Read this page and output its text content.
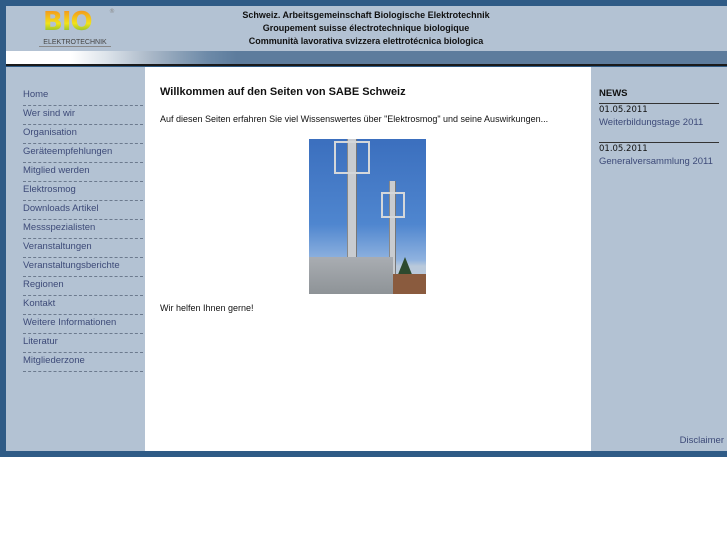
BIO	®
ELEKTROTECHNIK
Schweiz. Arbeitsgemeinschaft Biologische Elektrotechnik
Groupement suisse électrotechnique biologique
Communità lavorativa svizzera elettrotécnica biologica
Home
Wer sind wir
Organisation
Geräteempfehlungen
Mitglied werden
Elektrosmog
Downloads Artikel
Messspezialisten
Veranstaltungen
Veranstaltungsberichte
Regionen
Kontakt
Weitere Informationen
Literatur
Mitgliederzone
Willkommen auf den Seiten von SABE Schweiz

Auf diesen Seiten erfahren Sie viel Wissenswertes über "Elektrosmog" und seine Auswirkungen...

Wir helfen Ihnen gerne!

NEWS
01.05.2011
Weiterbildungstage 2011
01.05.2011
Generalversammlung 2011
Disclaimer
